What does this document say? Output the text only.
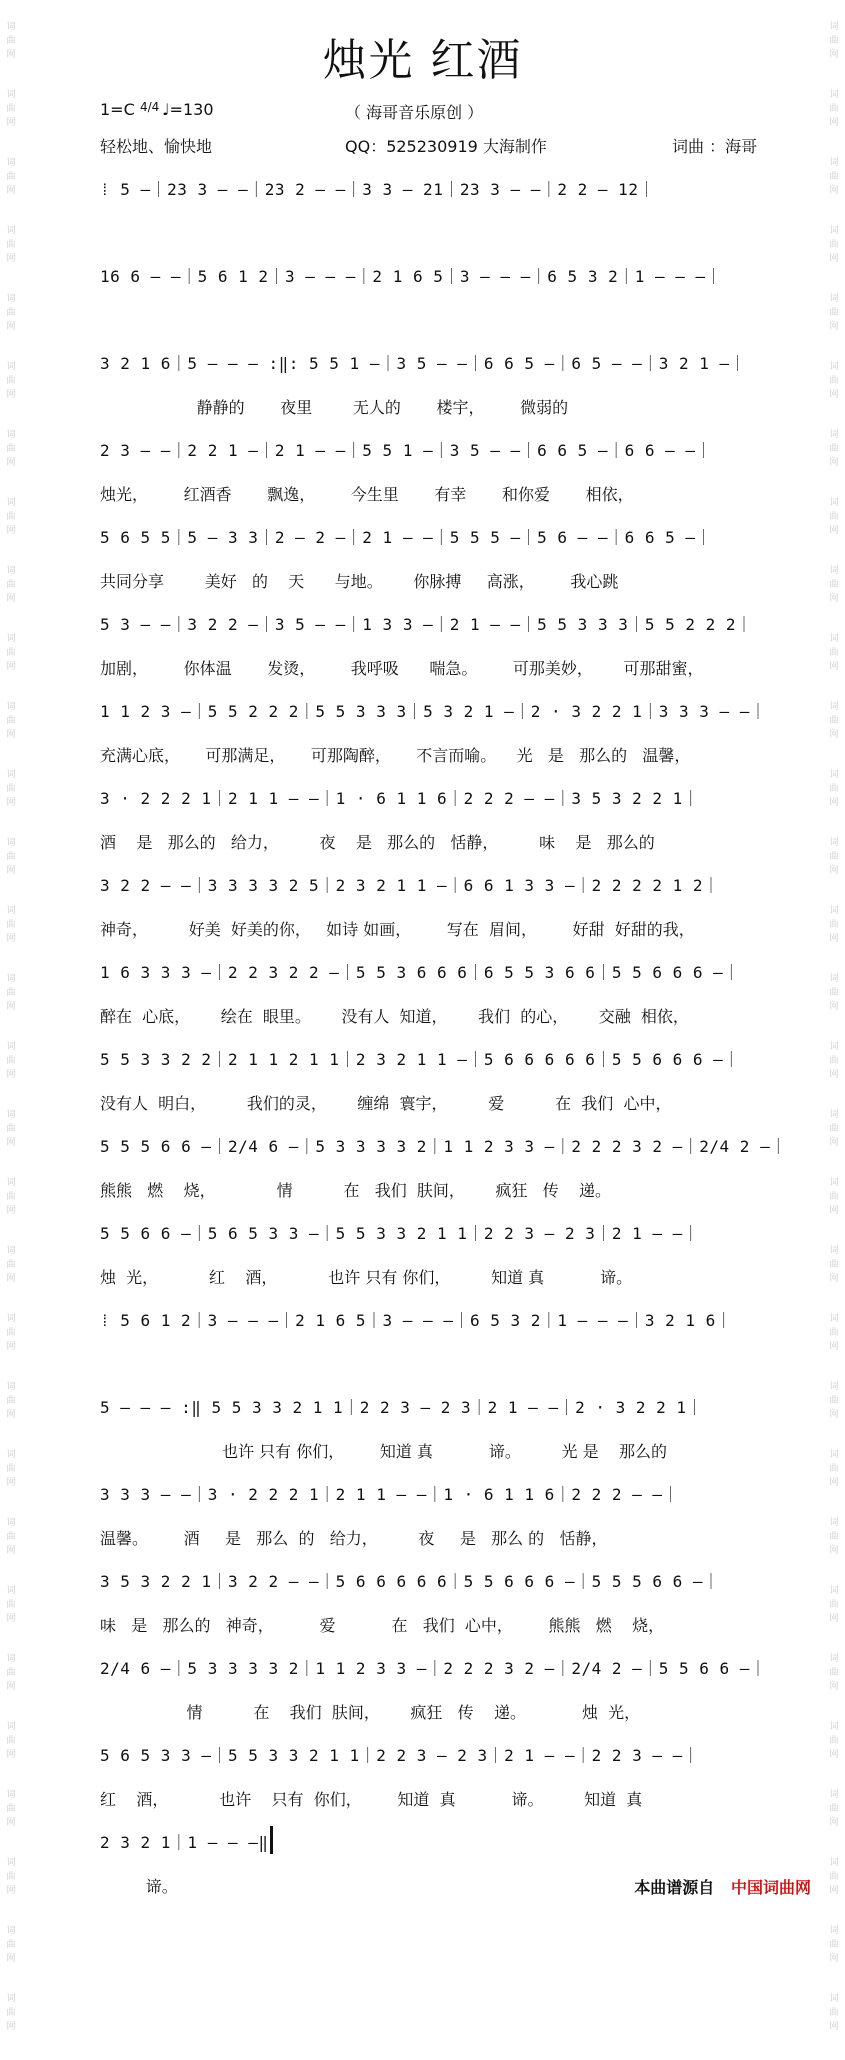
词曲网
词曲网
词曲网
词曲网
词曲网
词曲网
词曲网
词曲网
词曲网
词曲网
词曲网
词曲网
词曲网
词曲网
词曲网
词曲网
词曲网
词曲网
词曲网
词曲网
词曲网
词曲网
词曲网
词曲网
词曲网
词曲网
词曲网
词曲网
词曲网
词曲网
词曲网
词曲网
词曲网
词曲网
词曲网
词曲网
词曲网
词曲网
词曲网
词曲网
词曲网
词曲网
词曲网
词曲网
词曲网
词曲网
词曲网
词曲网
词曲网
词曲网
词曲网
词曲网
词曲网
词曲网
词曲网
词曲网
词曲网
词曲网
词曲网
词曲网
烛光 红酒
1=C 4/4 ♩=130	（ 海哥音乐原创 ）
轻松地、愉快地	QQ：525230919 大海制作	词曲 ：海哥
⁞ 5 —｜23 3 — —｜23 2 — —｜3 3 — 21｜23 3 — —｜2 2 — 12｜
16 6 — —｜5 6 1 2｜3 — — —｜2 1 6 5｜3 — — —｜6 5 3 2｜1 — — —｜
3 2 1 6｜5 — — — :‖: 5 5 1 —｜3 5 — —｜6 6 5 —｜6 5 — —｜3 2 1 —｜
静静的       夜里        无人的       楼宇，       微弱的
2 3 — —｜2 2 1 —｜2 1 — —｜5 5 1 —｜3 5 — —｜6 6 5 —｜6 6 — —｜
烛光，       红酒香       飘逸，       今生里       有幸       和你爱       相依，
5 6 5 5｜5 — 3 3｜2 — 2 —｜2 1 — —｜5 5 5 —｜5 6 — —｜6 6 5 —｜
共同分享        美好   的    天      与地。      你脉搏     高涨，       我心跳
5 3 — —｜3 2 2 —｜3 5 — —｜1 3 3 —｜2 1 — —｜5 5 3 3 3｜5 5 2 2 2｜
加剧，       你体温       发烫，       我呼吸      喘急。       可那美妙，      可那甜蜜，
1 1 2 3 —｜5 5 2 2 2｜5 5 3 3 3｜5 3 2 1 —｜2 · 3 2 2 1｜3 3 3 — —｜
充满心底，     可那满足，     可那陶醉，     不言而喻。    光   是   那么的   温馨，
3 · 2 2 2 1｜2 1 1 — —｜1 · 6 1 1 6｜2 2 2 — —｜3 5 3 2 2 1｜
酒    是   那么的   给力，        夜    是   那么的   恬静，        味    是   那么的
3 2 2 — —｜3 3 3 3 2 5｜2 3 2 1 1 —｜6 6 1 3 3 —｜2 2 2 2 1 2｜
神奇，        好美  好美的你，   如诗 如画，       写在  眉间，       好甜  好甜的我，
1 6 3 3 3 —｜2 2 3 2 2 —｜5 5 3 6 6 6｜6 5 5 3 6 6｜5 5 6 6 6 —｜
醉在  心底，      绘在  眼里。      没有人  知道，      我们  的心，      交融  相依，
5 5 3 3 2 2｜2 1 1 2 1 1｜2 3 2 1 1 —｜5 6 6 6 6 6｜5 5 6 6 6 —｜
没有人  明白，        我们的灵，      缠绵  寰宇，        爱          在  我们  心中，
5 5 5 6 6 —｜2/4 6 —｜5 3 3 3 3 2｜1 1 2 3 3 —｜2 2 2 3 2 —｜2/4 2 —｜
熊熊   燃    烧，            情          在   我们  肤间，      疯狂   传    递。
5 5 6 6 —｜5 6 5 3 3 —｜5 5 3 3 2 1 1｜2 2 3 — 2 3｜2 1 — —｜
烛  光，          红    酒，          也许 只有 你们，        知道 真           谛。
⁞ 5 6 1 2｜3 — — —｜2 1 6 5｜3 — — —｜6 5 3 2｜1 — — —｜3 2 1 6｜
5 — — — :‖ 5 5 3 3 2 1 1｜2 2 3 — 2 3｜2 1 — —｜2 · 3 2 2 1｜
也许 只有 你们，       知道 真           谛。        光 是    那么的
3 3 3 — —｜3 · 2 2 2 1｜2 1 1 — —｜1 · 6 1 1 6｜2 2 2 — —｜
温馨。       酒     是   那么  的   给力，        夜     是   那么 的   恬静，
3 5 3 2 2 1｜3 2 2 — —｜5 6 6 6 6 6｜5 5 6 6 6 —｜5 5 5 6 6 —｜
味   是   那么的   神奇，         爱           在   我们  心中，       熊熊   燃    烧，
2/4 6 —｜5 3 3 3 3 2｜1 1 2 3 3 —｜2 2 2 3 2 —｜2/4 2 —｜5 5 6 6 —｜
情          在    我们  肤间，      疯狂   传    递。           烛  光，
5 6 5 3 3 —｜5 5 3 3 2 1 1｜2 2 3 — 2 3｜2 1 — —｜2 2 3 — —｜
红    酒，          也许    只有  你们，       知道  真           谛。        知道  真
2 3 2 1｜1 — — —‖
谛。	本曲谱源自 中国词曲网
